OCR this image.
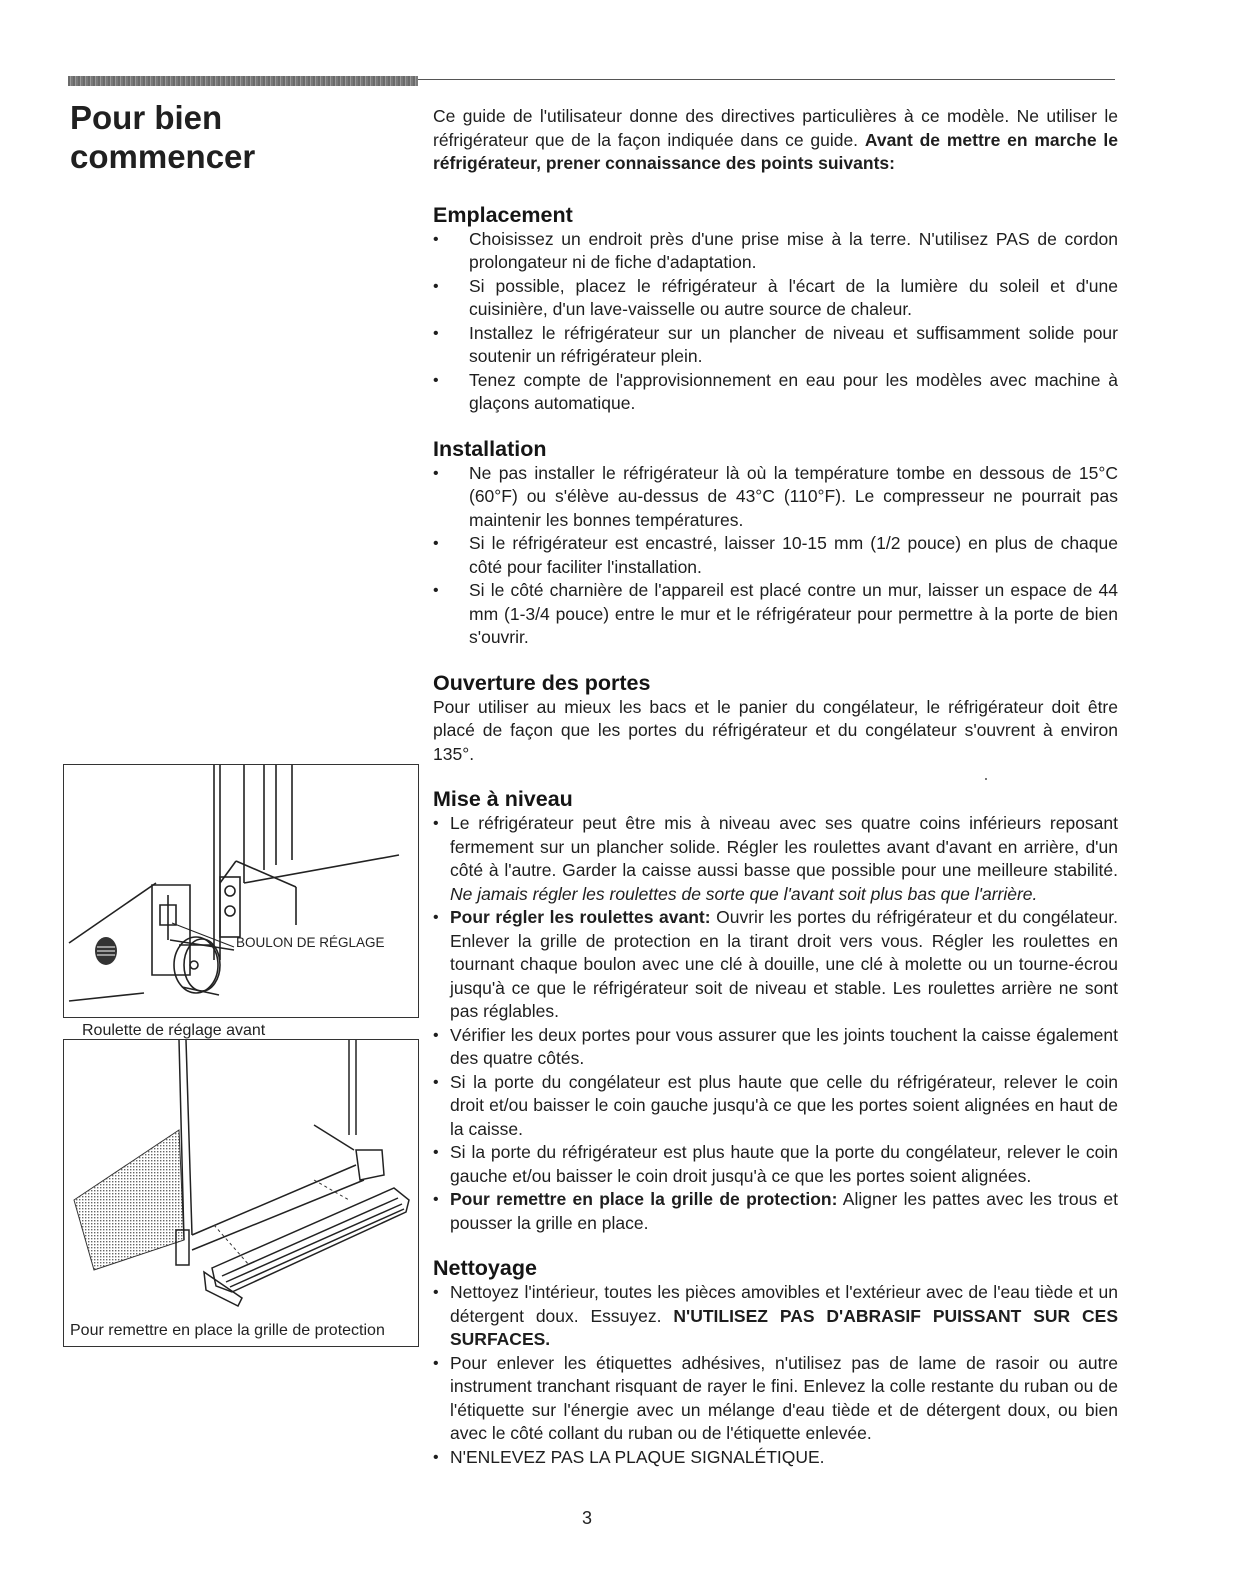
Pour bien
commencer

Ce guide de l'utilisateur donne des directives particulières à ce modèle. Ne utiliser le réfrigérateur que de la façon indiquée dans ce guide. Avant de mettre en marche le réfrigérateur, prener connaissance des points suivants:

Emplacement
• Choisissez un endroit près d'une prise mise à la terre. N'utilisez PAS de cordon prolongateur ni de fiche d'adaptation.
• Si possible, placez le réfrigérateur à l'écart de la lumière du soleil et d'une cuisinière, d'un lave-vaisselle ou autre source de chaleur.
• Installez le réfrigérateur sur un plancher de niveau et suffisamment solide pour soutenir un réfrigérateur plein.
• Tenez compte de l'approvisionnement en eau pour les modèles avec machine à glaçons automatique.
Installation
• Ne pas installer le réfrigérateur là où la température tombe en dessous de 15°C (60°F) ou s'élève au-dessus de 43°C (110°F). Le compresseur ne pourrait pas maintenir les bonnes températures.
• Si le réfrigérateur est encastré, laisser 10-15 mm (1/2 pouce) en plus de chaque côté pour faciliter l'installation.
• Si le côté charnière de l'appareil est placé contre un mur, laisser un espace de 44 mm (1-3/4 pouce) entre le mur et le réfrigérateur pour permettre à la porte de bien s'ouvrir.
Ouverture des portes

Pour utiliser au mieux les bacs et le panier du congélateur, le réfrigérateur doit être placé de façon que les portes du réfrigérateur et du congélateur s'ouvrent à environ 135°.

Mise à niveau
• Le réfrigérateur peut être mis à niveau avec ses quatre coins inférieurs reposant fermement sur un plancher solide. Régler les roulettes avant d'avant en arrière, d'un côté à l'autre. Garder la caisse aussi basse que possible pour une meilleure stabilité. Ne jamais régler les roulettes de sorte que l'avant soit plus bas que l'arrière.
• Pour régler les roulettes avant: Ouvrir les portes du réfrigérateur et du congélateur. Enlever la grille de protection en la tirant droit vers vous. Régler les roulettes en tournant chaque boulon avec une clé à douille, une clé à molette ou un tourne-écrou jusqu'à ce que le réfrigérateur soit de niveau et stable. Les roulettes arrière ne sont pas réglables.
• Vérifier les deux portes pour vous assurer que les joints touchent la caisse également des quatre côtés.
• Si la porte du congélateur est plus haute que celle du réfrigérateur, relever le coin droit et/ou baisser le coin gauche jusqu'à ce que les portes soient alignées en haut de la caisse.
• Si la porte du réfrigérateur est plus haute que la porte du congélateur, relever le coin gauche et/ou baisser le coin droit jusqu'à ce que les portes soient alignées.
• Pour remettre en place la grille de protection: Aligner les pattes avec les trous et pousser la grille en place.
Nettoyage
• Nettoyez l'intérieur, toutes les pièces amovibles et l'extérieur avec de l'eau tiède et un détergent doux. Essuyez. N'UTILISEZ PAS D'ABRASIF PUISSANT SUR CES SURFACES.
• Pour enlever les étiquettes adhésives, n'utilisez pas de lame de rasoir ou autre instrument tranchant risquant de rayer le fini. Enlevez la colle restante du ruban ou de l'étiquette sur l'énergie avec un mélange d'eau tiède et de détergent doux, ou bien avec le côté collant du ruban ou de l'étiquette enlevée.
• N'ENLEVEZ PAS LA PLAQUE SIGNALÉTIQUE.
BOULON DE RÉGLAGE
Roulette de réglage avant
Pour remettre en place la grille de protection
3
